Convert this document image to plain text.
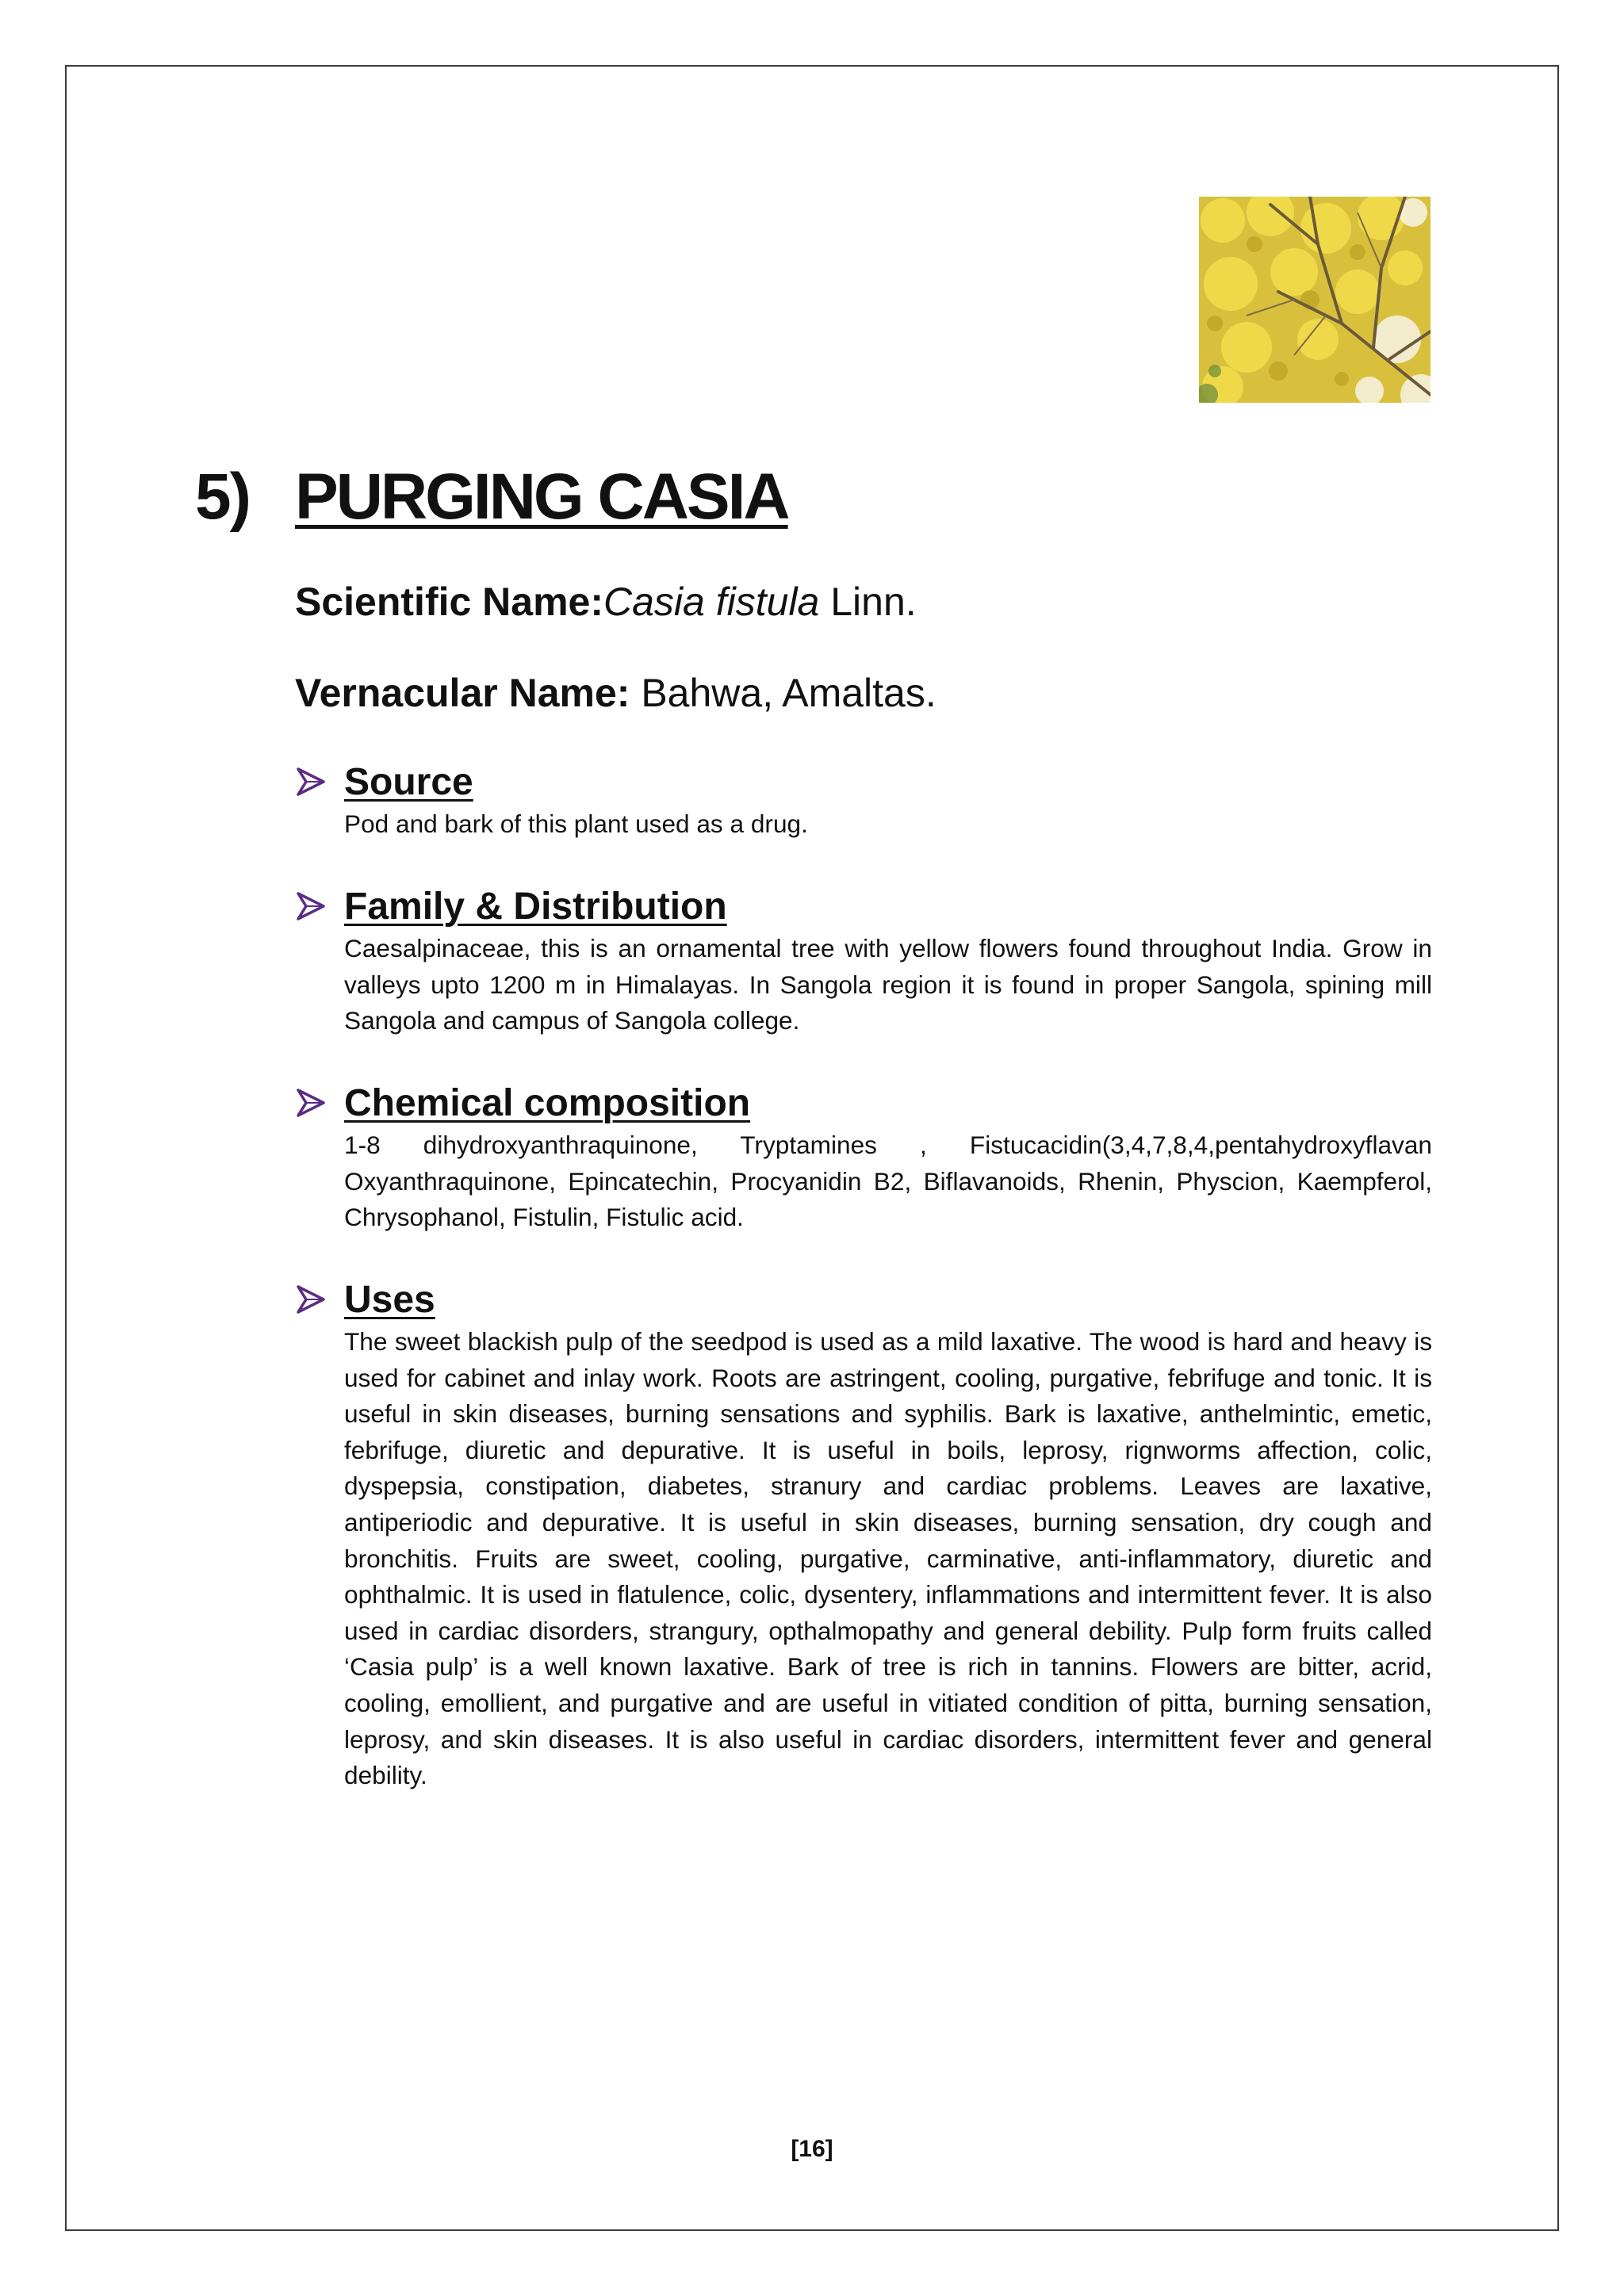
5) PURGING CASIA
Scientific Name:Casia fistula Linn.
Vernacular Name: Bahwa, Amaltas.
Source
Pod and bark of this plant used as a drug.
Family & Distribution
Caesalpinaceae, this is an ornamental tree with yellow flowers found throughout India. Grow in valleys upto 1200 m in Himalayas. In Sangola region it is found in proper Sangola, spining mill Sangola and campus of Sangola college.
Chemical composition
1-8 dihydroxyanthraquinone, Tryptamines , Fistucacidin(3,4,7,8,4,pentahydroxyflavan Oxyanthraquinone, Epincatechin, Procyanidin B2, Biflavanoids, Rhenin, Physcion, Kaempferol, Chrysophanol, Fistulin, Fistulic acid.
Uses
The sweet blackish pulp of the seedpod is used as a mild laxative. The wood is hard and heavy is used for cabinet and inlay work. Roots are astringent, cooling, purgative, febrifuge and tonic. It is useful in skin diseases, burning sensations and syphilis. Bark is laxative, anthelmintic, emetic, febrifuge, diuretic and depurative. It is useful in boils, leprosy, rignworms affection, colic, dyspepsia, constipation, diabetes, stranury and cardiac problems. Leaves are laxative, antiperiodic and depurative. It is useful in skin diseases, burning sensation, dry cough and bronchitis. Fruits are sweet, cooling, purgative, carminative, anti-inflammatory, diuretic and ophthalmic. It is used in flatulence, colic, dysentery, inflammations and intermittent fever. It is also used in cardiac disorders, strangury, opthalmopathy and general debility. Pulp form fruits called ‘Casia pulp’ is a well known laxative. Bark of tree is rich in tannins. Flowers are bitter, acrid, cooling, emollient, and purgative and are useful in vitiated condition of pitta, burning sensation, leprosy, and skin diseases. It is also useful in cardiac disorders, intermittent fever and general debility.
[16]
